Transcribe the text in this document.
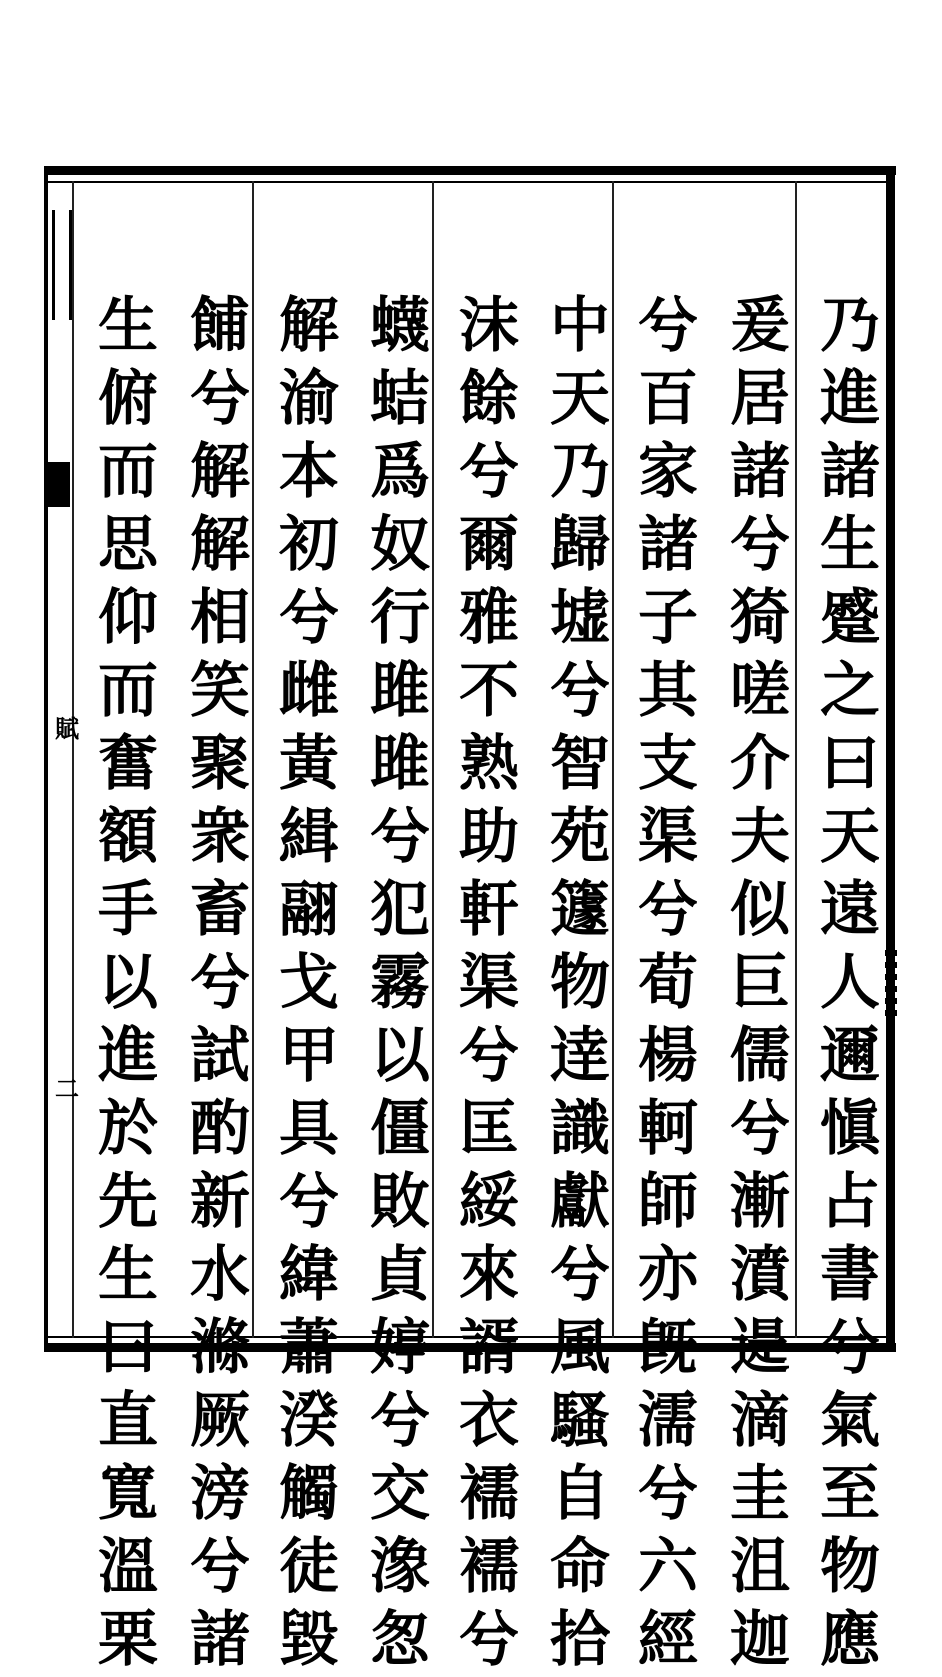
賦
二
乃
進
諸
生
蹙
之
曰
天
遠
人
邇
愼
占
書
兮
氣
至
物
應
爰
居
諸
兮
猗
嗟
介
夫
似
巨
儒
兮
漸
濆
遈
滴
圭
沮
迦
兮
百
家
諸
子
其
支
渠
兮
荀
楊
軻
師
亦
旣
濡
兮
六
經
中
天
乃
歸
墟
兮
智
苑
籧
物
逹
識
獻
兮
風
騷
自
命
拾
沫
餘
兮
爾
雅
不
熟
助
軒
渠
兮
匡
綏
來
諝
衣
襦
襦
兮
蠛
蛣
爲
奴
行
雎
雎
兮
犯
霧
以
僵
敗
貞
婷
兮
交
潒
怱
解
渝
本
初
兮
雌
黃
緝
翮
戈
甲
具
兮
緯
蕭
湀
觸
徒
毀
餔
兮
解
解
相
笑
聚
衆
畜
兮
試
酌
新
水
滌
厥
滂
兮
諸
生
俯
而
思
仰
而
奮
額
手
以
進
於
先
生
曰
直
寬
溫
栗
